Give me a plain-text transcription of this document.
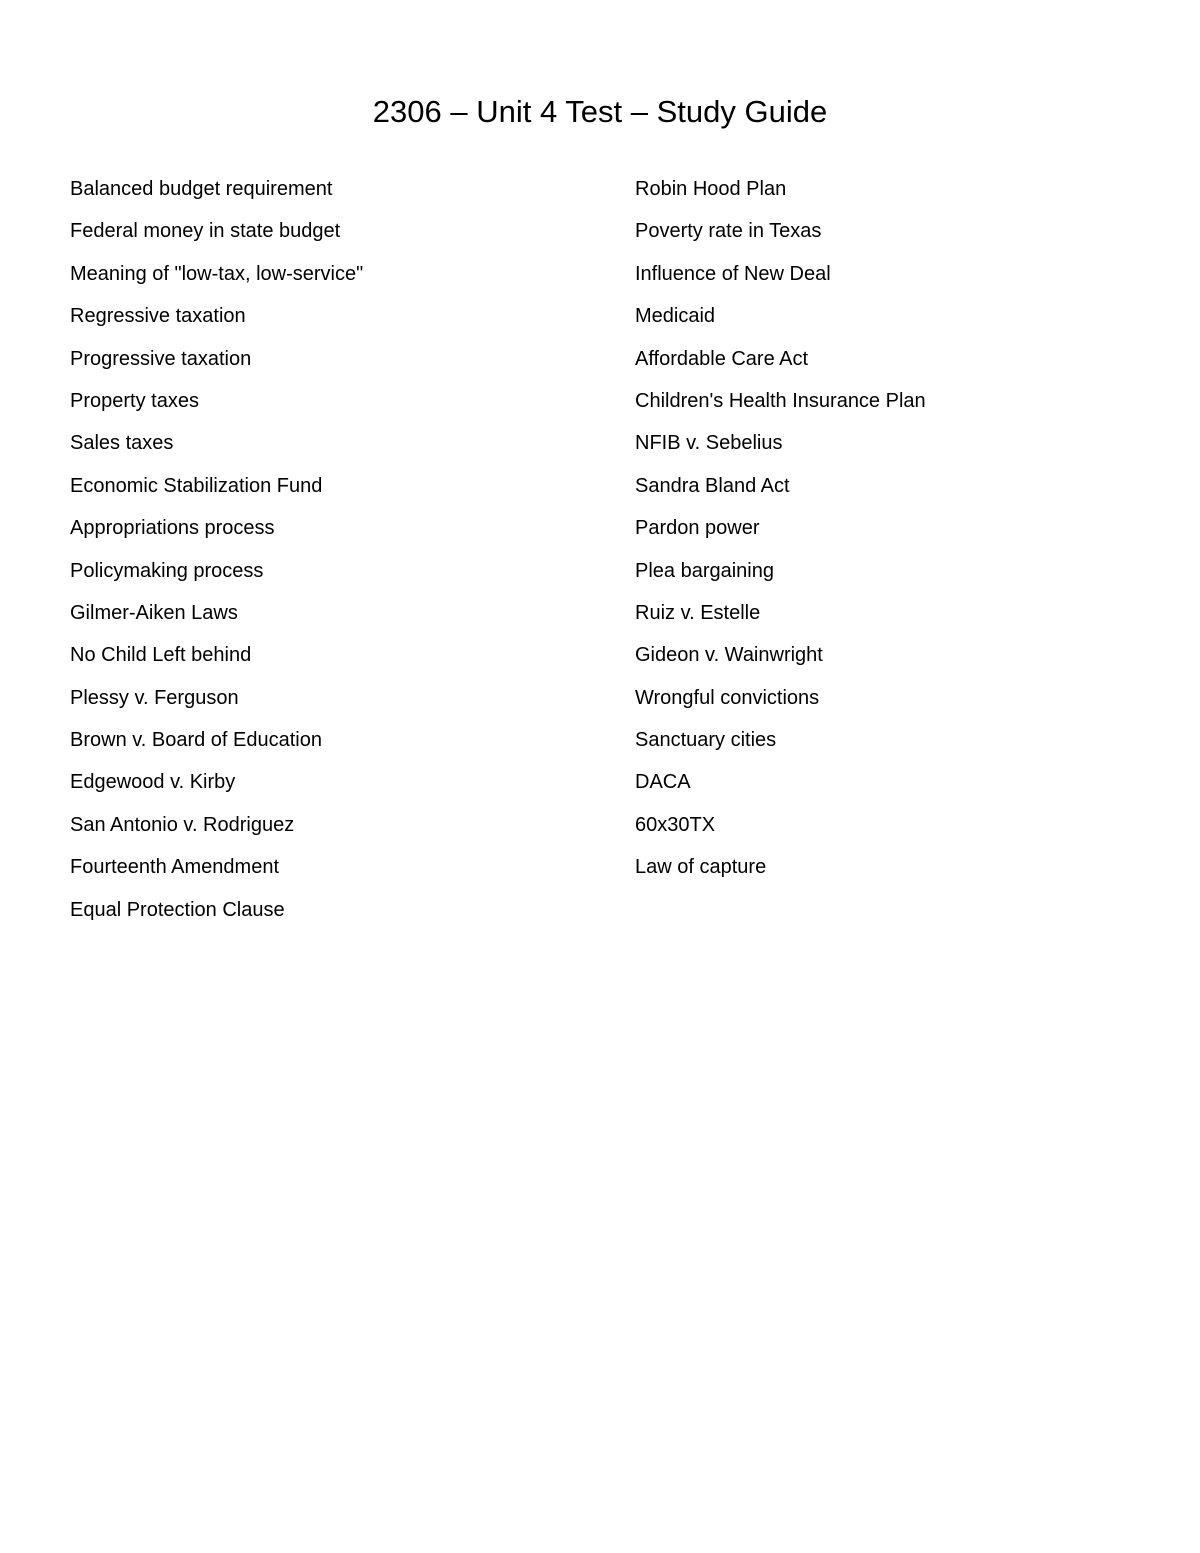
2306 – Unit 4 Test – Study Guide
Balanced budget requirement
Federal money in state budget
Meaning of "low-tax, low-service"
Regressive taxation
Progressive taxation
Property taxes
Sales taxes
Economic Stabilization Fund
Appropriations process
Policymaking process
Gilmer-Aiken Laws
No Child Left behind
Plessy v. Ferguson
Brown v. Board of Education
Edgewood v. Kirby
San Antonio v. Rodriguez
Fourteenth Amendment
Equal Protection Clause
Robin Hood Plan
Poverty rate in Texas
Influence of New Deal
Medicaid
Affordable Care Act
Children's Health Insurance Plan
NFIB v. Sebelius
Sandra Bland Act
Pardon power
Plea bargaining
Ruiz v. Estelle
Gideon v. Wainwright
Wrongful convictions
Sanctuary cities
DACA
60x30TX
Law of capture
